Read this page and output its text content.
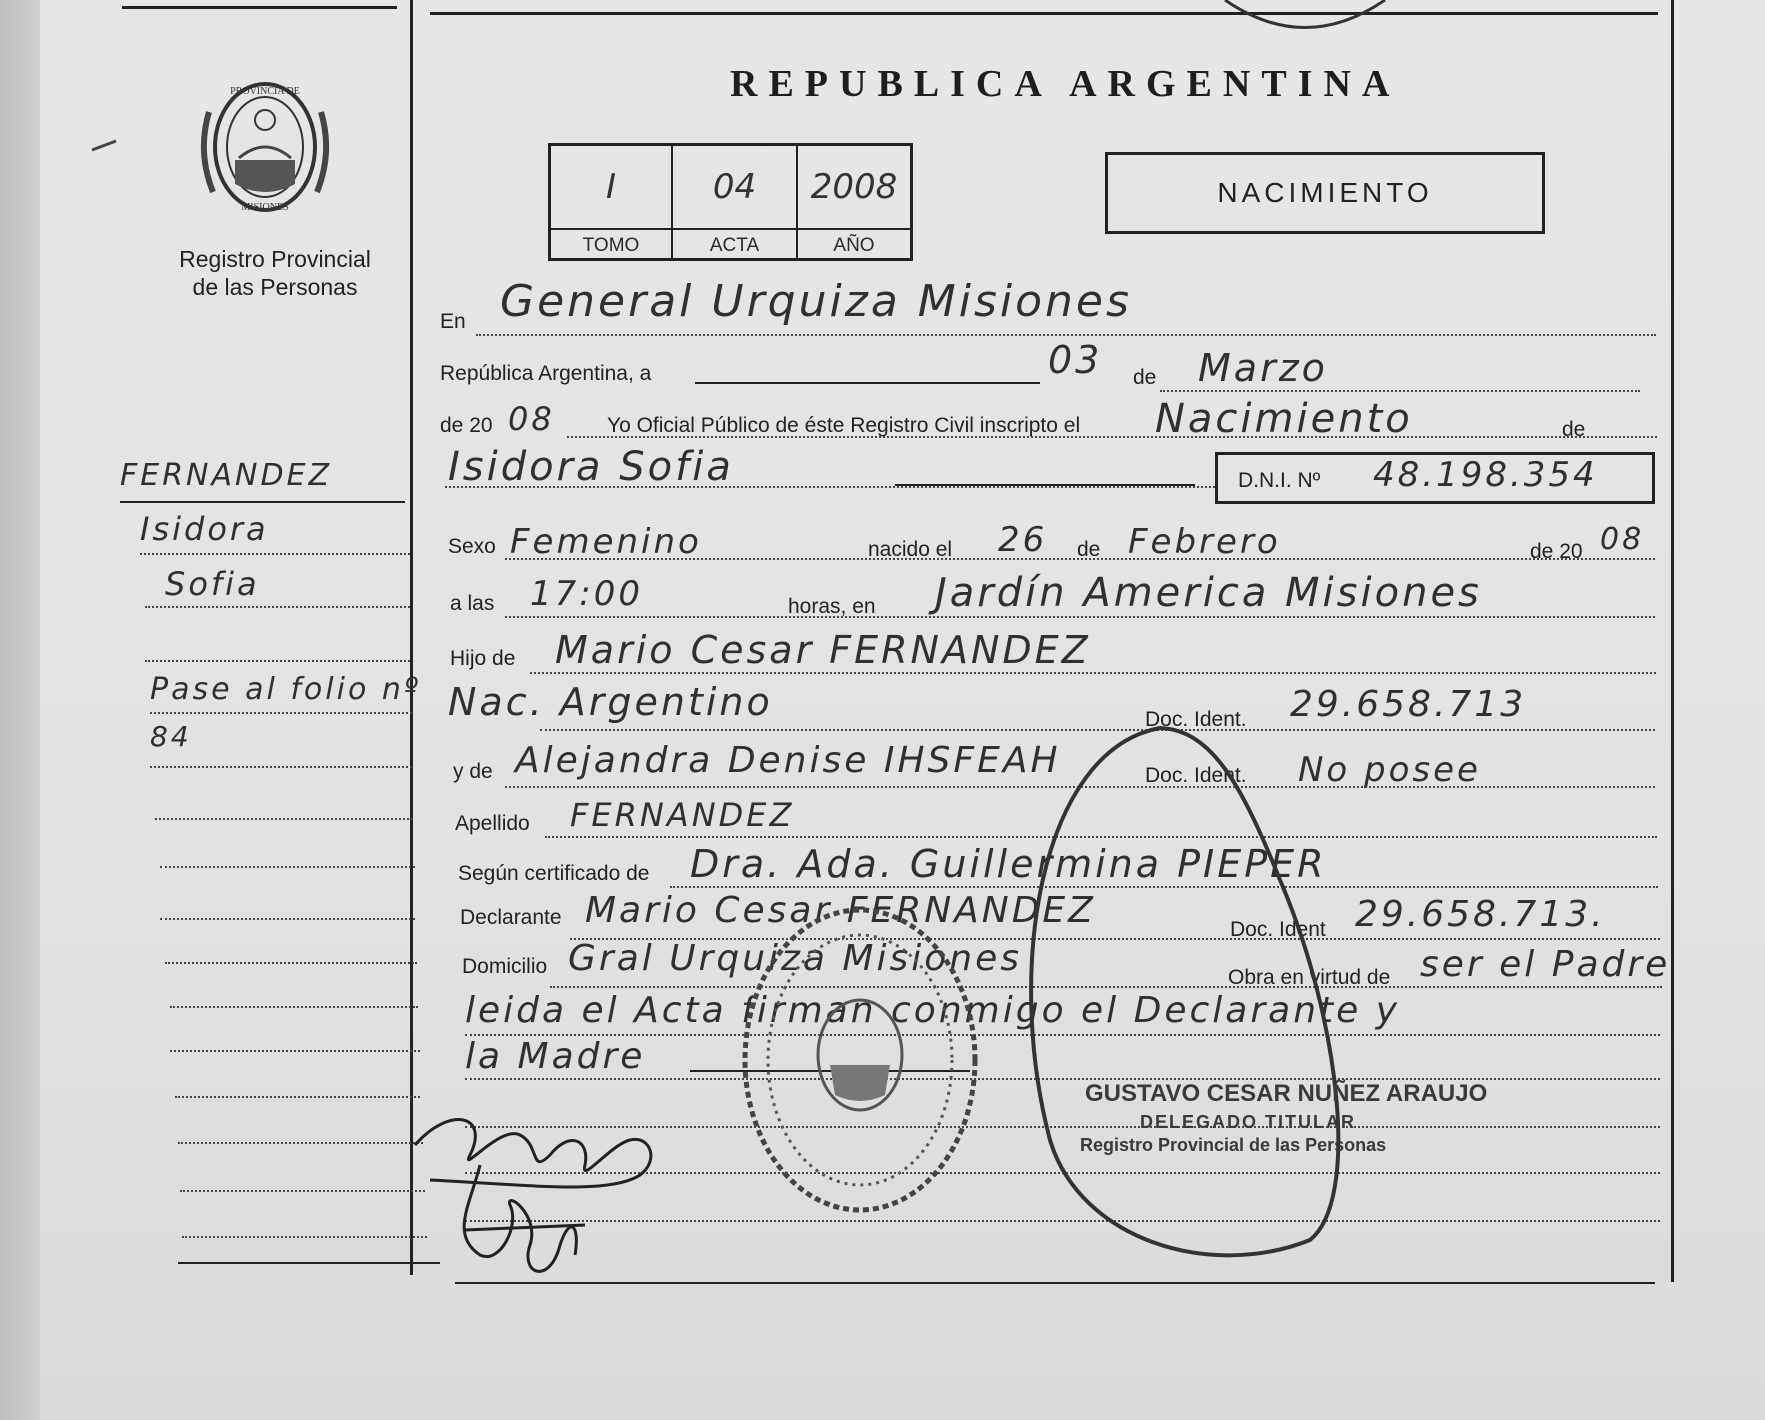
PROVINCIA DE
MISIONES
Registro Provincial
de las Personas
REPUBLICA ARGENTINA
I	04	2008
TOMO	ACTA	AÑO
NACIMIENTO
FERNANDEZ
Isidora
Sofia
Pase al folio nº
84
En General Urquiza Misiones
República Argentina, a	03 de Marzo
de 20 08 Yo Oficial Público de éste Registro Civil inscripto el Nacimiento	de
Isidora Sofia	D.N.I. Nº 48.198.354
Sexo Femenino	nacido el 26 de Febrero	de 20 08
a las 17:00	horas, en Jardín America Misiones
Hijo de Mario Cesar FERNANDEZ
Nac. Argentino	Doc. Ident. 29.658.713
y de Alejandra Denise IHSFEAH	Doc. Ident. No posee
Apellido FERNANDEZ
Según certificado de Dra. Ada. Guillermina PIEPER
Declarante Mario Cesar FERNANDEZ	Doc. Ident 29.658.713.
Domicilio Gral Urquiza Misiones	Obra en virtud de ser el Padre
leida el Acta firman conmigo el Declarante y
la Madre
GUSTAVO CESAR NUÑEZ ARAUJO
DELEGADO TITULAR
Registro Provincial de las Personas
